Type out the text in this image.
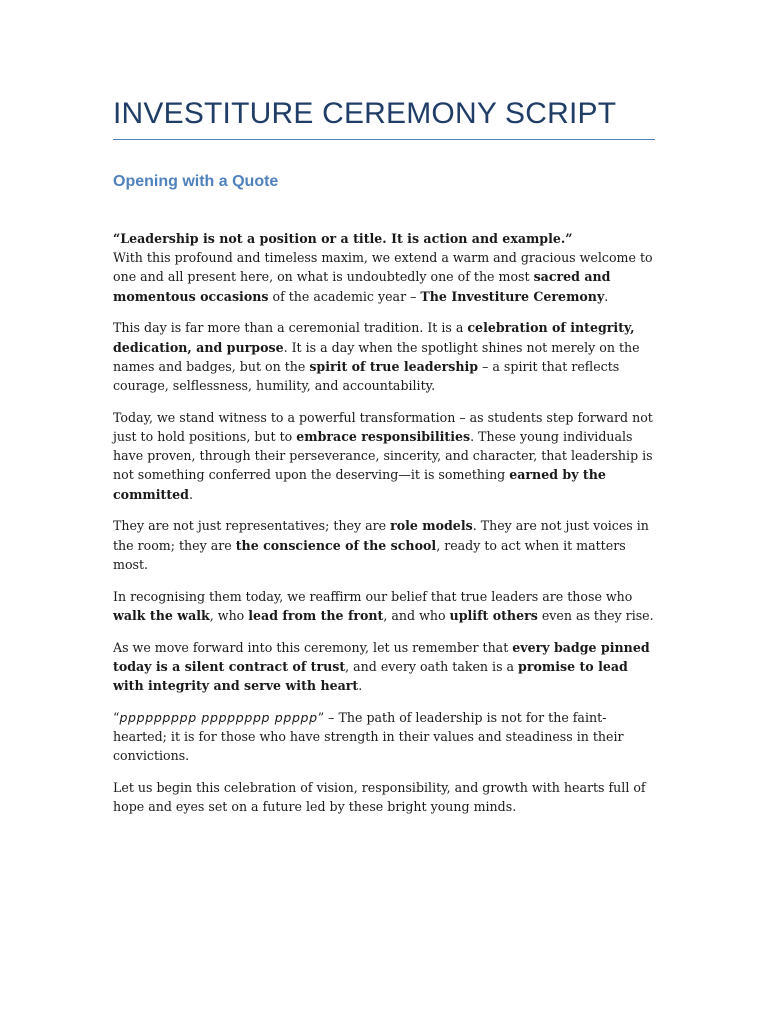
INVESTITURE CEREMONY SCRIPT
Opening with a Quote

“Leadership is not a position or a title. It is action and example.”
With this profound and timeless maxim, we extend a warm and gracious welcome to one and all present here, on what is undoubtedly one of the most sacred and momentous occasions of the academic year – The Investiture Ceremony.

This day is far more than a ceremonial tradition. It is a celebration of integrity, dedication, and purpose. It is a day when the spotlight shines not merely on the names and badges, but on the spirit of true leadership – a spirit that reflects courage, selflessness, humility, and accountability.

Today, we stand witness to a powerful transformation – as students step forward not just to hold positions, but to embrace responsibilities. These young individuals have proven, through their perseverance, sincerity, and character, that leadership is not something conferred upon the deserving—it is something earned by the committed.

They are not just representatives; they are role models. They are not just voices in the room; they are the conscience of the school, ready to act when it matters most.

In recognising them today, we reaffirm our belief that true leaders are those who walk the walk, who lead from the front, and who uplift others even as they rise.

As we move forward into this ceremony, let us remember that every badge pinned today is a silent contract of trust, and every oath taken is a promise to lead with integrity and serve with heart.

“𝘱𝘱𝘱𝘱𝘱𝘱𝘱𝘱𝘱 𝘱𝘱𝘱𝘱𝘱𝘱𝘱𝘱 𝘱𝘱𝘱𝘱𝘱” – The path of leadership is not for the faint-hearted; it is for those who have strength in their values and steadiness in their convictions.

Let us begin this celebration of vision, responsibility, and growth with hearts full of hope and eyes set on a future led by these bright young minds.
